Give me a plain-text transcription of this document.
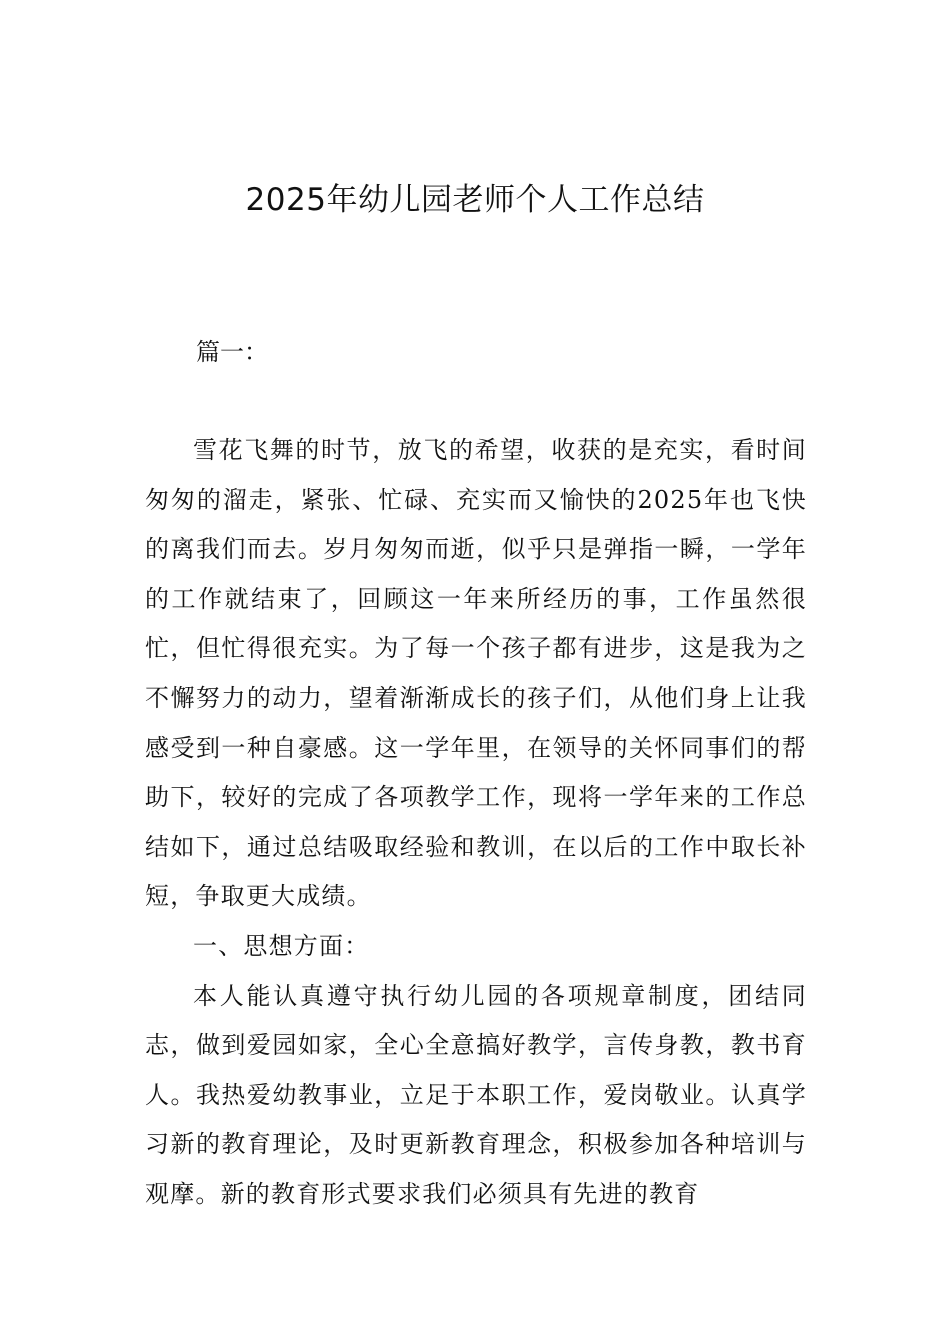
2025年幼儿园老师个人工作总结

篇一：

雪花飞舞的时节，放飞的希望，收获的是充实，看时间匆匆的溜走，紧张、忙碌、充实而又愉快的2025年也飞快的离我们而去。岁月匆匆而逝，似乎只是弹指一瞬，一学年的工作就结束了，回顾这一年来所经历的事，工作虽然很忙，但忙得很充实。为了每一个孩子都有进步，这是我为之不懈努力的动力，望着渐渐成长的孩子们，从他们身上让我感受到一种自豪感。这一学年里，在领导的关怀同事们的帮助下，较好的完成了各项教学工作，现将一学年来的工作总结如下，通过总结吸取经验和教训，在以后的工作中取长补短，争取更大成绩。

一、思想方面：

本人能认真遵守执行幼儿园的各项规章制度，团结同志，做到爱园如家，全心全意搞好教学，言传身教，教书育人。我热爱幼教事业，立足于本职工作，爱岗敬业。认真学习新的教育理论，及时更新教育理念，积极参加各种培训与观摩。新的教育形式要求我们必须具有先进的教育
